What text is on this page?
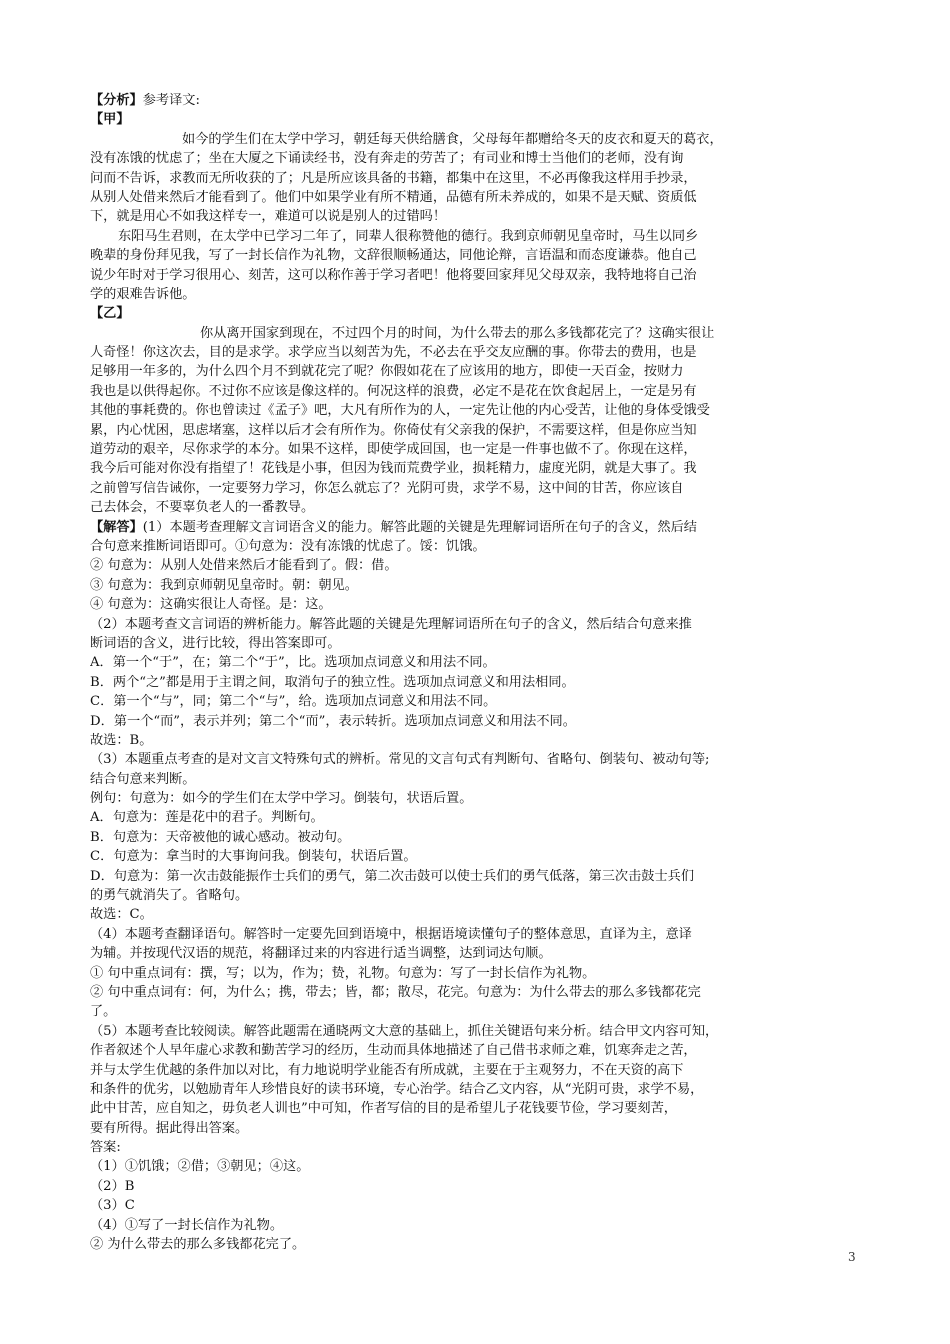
【分析】参考译文:
【甲】
如今的学生们在太学中学习，朝廷每天供给膳食，父母每年都赠给冬天的皮衣和夏天的葛衣，
没有冻饿的忧虑了；坐在大厦之下诵读经书，没有奔走的劳苦了；有司业和博士当他们的老师，没有询
问而不告诉，求教而无所收获的了；凡是所应该具备的书籍，都集中在这里，不必再像我这样用手抄录，
从别人处借来然后才能看到了。他们中如果学业有所不精通，品德有所未养成的，如果不是天赋、资质低
下，就是用心不如我这样专一，难道可以说是别人的过错吗！
东阳马生君则，在太学中已学习二年了，同辈人很称赞他的德行。我到京师朝见皇帝时，马生以同乡
晚辈的身份拜见我，写了一封长信作为礼物，文辞很顺畅通达，同他论辩，言语温和而态度谦恭。他自己
说少年时对于学习很用心、刻苦，这可以称作善于学习者吧！他将要回家拜见父母双亲，我特地将自己治
学的艰难告诉他。
【乙】
你从离开国家到现在，不过四个月的时间，为什么带去的那么多钱都花完了？这确实很让
人奇怪！你这次去，目的是求学。求学应当以刻苦为先，不必去在乎交友应酬的事。你带去的费用，也是
足够用一年多的，为什么四个月不到就花完了呢？你假如花在了应该用的地方，即使一天百金，按财力
我也是以供得起你。不过你不应该是像这样的。何况这样的浪费，必定不是花在饮食起居上，一定是另有
其他的事耗费的。你也曾读过《孟子》吧，大凡有所作为的人，一定先让他的内心受苦，让他的身体受饿受
累，内心忧困，思虑堵塞，这样以后才会有所作为。你倚仗有父亲我的保护，不需要这样，但是你应当知
道劳动的艰辛，尽你求学的本分。如果不这样，即使学成回国，也一定是一件事也做不了。你现在这样，
我今后可能对你没有指望了！花钱是小事，但因为钱而荒费学业，损耗精力，虚度光阴，就是大事了。我
之前曾写信告诫你，一定要努力学习，你怎么就忘了？光阴可贵，求学不易，这中间的甘苦，你应该自
己去体会，不要辜负老人的一番教导。
【解答】(1）本题考查理解文言词语含义的能力。解答此题的关键是先理解词语所在句子的含义，然后结
合句意来推断词语即可。①句意为：没有冻饿的忧虑了。馁：饥饿。
② 句意为：从别人处借来然后才能看到了。假：借。
③ 句意为：我到京师朝见皇帝时。朝：朝见。
④ 句意为：这确实很让人奇怪。是：这。
（2）本题考查文言词语的辨析能力。解答此题的关键是先理解词语所在句子的含义，然后结合句意来推
断词语的含义，进行比较，得出答案即可。
A．第一个“于”，在；第二个“于”，比。选项加点词意义和用法不同。
B．两个“之”都是用于主谓之间，取消句子的独立性。选项加点词意义和用法相同。
C．第一个“与”，同；第二个“与”，给。选项加点词意义和用法不同。
D．第一个“而”，表示并列；第二个“而”，表示转折。选项加点词意义和用法不同。
故选：B。
（3）本题重点考查的是对文言文特殊句式的辨析。常见的文言句式有判断句、省略句、倒装句、被动句等;
结合句意来判断。
例句：句意为：如今的学生们在太学中学习。倒装句，状语后置。
A．句意为：莲是花中的君子。判断句。
B．句意为：天帝被他的诚心感动。被动句。
C．句意为：拿当时的大事询问我。倒装句，状语后置。
D．句意为：第一次击鼓能振作士兵们的勇气，第二次击鼓可以使士兵们的勇气低落，第三次击鼓士兵们
的勇气就消失了。省略句。
故选：C。
（4）本题考查翻译语句。解答时一定要先回到语境中，根据语境读懂句子的整体意思，直译为主，意译
为辅。并按现代汉语的规范，将翻译过来的内容进行适当调整，达到词达句顺。
① 句中重点词有：撰，写；以为，作为；贽，礼物。句意为：写了一封长信作为礼物。
② 句中重点词有：何，为什么；携，带去；皆，都；散尽，花完。句意为：为什么带去的那么多钱都花完
了。
（5）本题考查比较阅读。解答此题需在通晓两文大意的基础上，抓住关键语句来分析。结合甲文内容可知，
作者叙述个人早年虚心求教和勤苦学习的经历，生动而具体地描述了自己借书求师之难，饥寒奔走之苦，
并与太学生优越的条件加以对比，有力地说明学业能否有所成就，主要在于主观努力，不在天资的高下
和条件的优劣，以勉励青年人珍惜良好的读书环境，专心治学。结合乙文内容，从“光阴可贵，求学不易，
此中甘苦，应自知之，毋负老人训也”中可知，作者写信的目的是希望儿子花钱要节俭，学习要刻苦，
要有所得。据此得出答案。
答案:
（1）①饥饿；②借；③朝见；④这。
（2）B
（3）C
（4）①写了一封长信作为礼物。
② 为什么带去的那么多钱都花完了。
3
